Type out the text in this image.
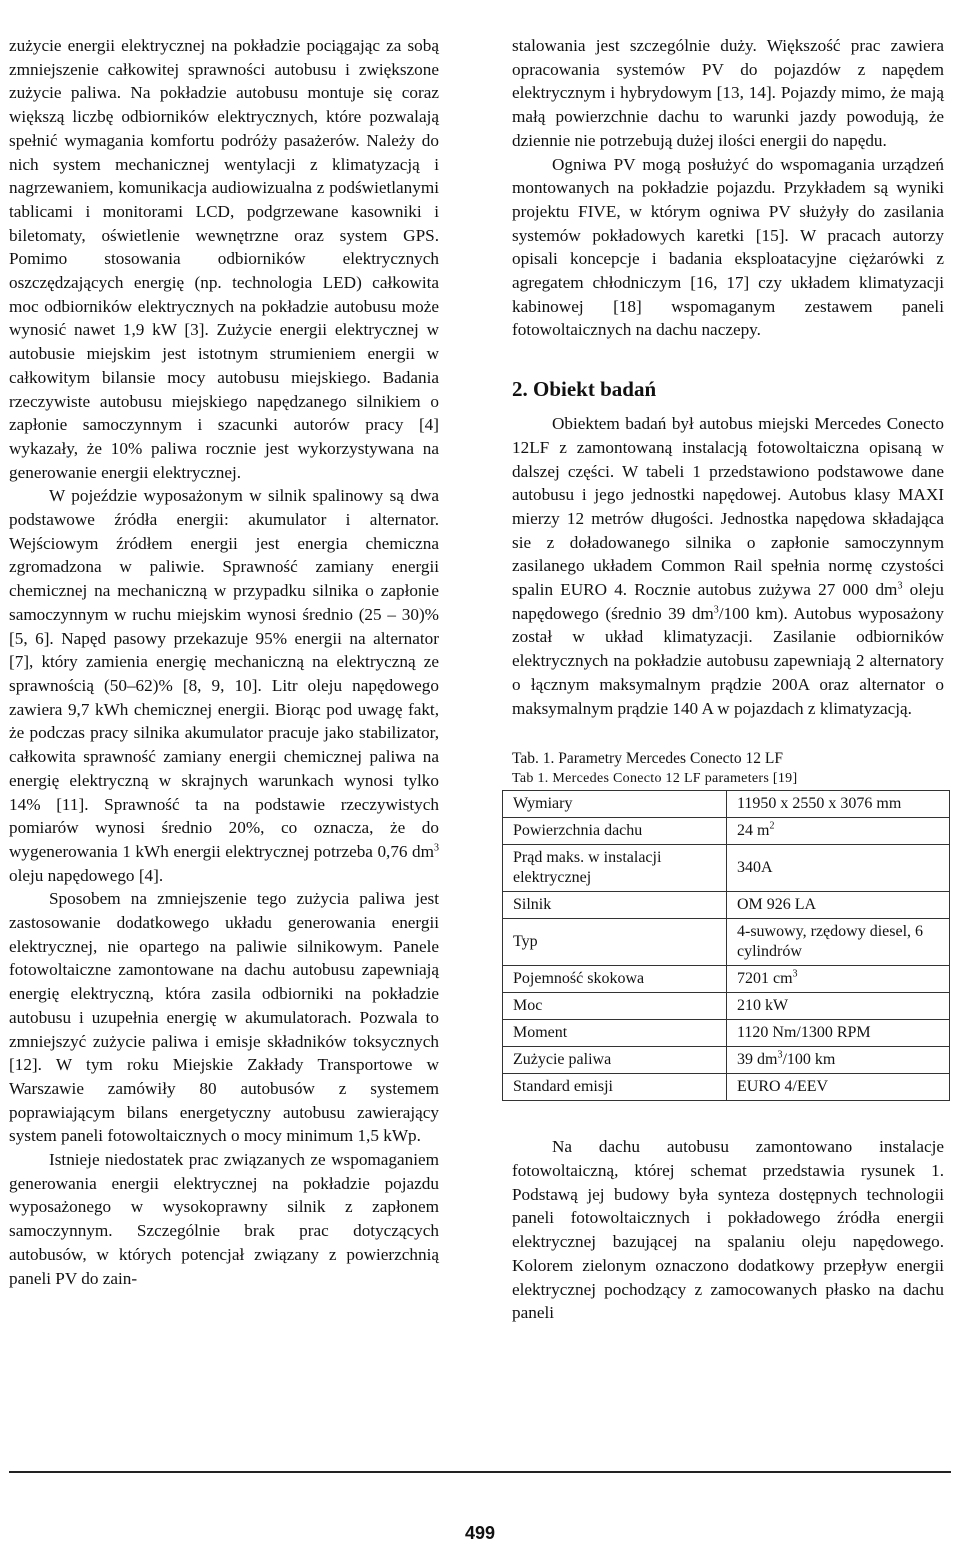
zużycie energii elektrycznej na pokładzie pociągając za sobą zmniejszenie całkowitej sprawności autobusu i zwiększone zużycie paliwa. Na pokładzie autobusu montuje się coraz większą liczbę odbiorników elektrycznych, które pozwalają spełnić wymagania komfortu podróży pasażerów. Należy do nich system mechanicznej wentylacji z klimatyzacją i nagrzewaniem, komunikacja audiowizualna z podświetlanymi tablicami i monitorami LCD, podgrzewane kasowniki i biletomaty, oświetlenie wewnętrzne oraz system GPS. Pomimo stosowania odbiorników elektrycznych oszczędzających energię (np. technologia LED) całkowita moc odbiorników elektrycznych na pokładzie autobusu może wynosić nawet 1,9 kW [3]. Zużycie energii elektrycznej w autobusie miejskim jest istotnym strumieniem energii w całkowitym bilansie mocy autobusu miejskiego. Badania rzeczywiste autobusu miejskiego napędzanego silnikiem o zapłonie samoczynnym i szacunki autorów pracy [4] wykazały, że 10% paliwa rocznie jest wykorzystywana na generowanie energii elektrycznej.

W pojeździe wyposażonym w silnik spalinowy są dwa podstawowe źródła energii: akumulator i alternator. Wejściowym źródłem energii jest energia chemiczna zgromadzona w paliwie. Sprawność zamiany energii chemicznej na mechaniczną w przypadku silnika o zapłonie samoczynnym w ruchu miejskim wynosi średnio (25 – 30)% [5, 6]. Napęd pasowy przekazuje 95% energii na alternator [7], który zamienia energię mechaniczną na elektryczną ze sprawnością (50–62)% [8, 9, 10]. Litr oleju napędowego zawiera 9,7 kWh chemicznej energii. Biorąc pod uwagę fakt, że podczas pracy silnika akumulator pracuje jako stabilizator, całkowita sprawność zamiany energii chemicznej paliwa na energię elektryczną w skrajnych warunkach wynosi tylko 14% [11]. Sprawność ta na podstawie rzeczywistych pomiarów wynosi średnio 20%, co oznacza, że do wygenerowania 1 kWh energii elektrycznej potrzeba 0,76 $dm^3$ oleju napędowego [4].

Sposobem na zmniejszenie tego zużycia paliwa jest zastosowanie dodatkowego układu generowania energii elektrycznej, nie opartego na paliwie silnikowym. Panele fotowoltaiczne zamontowane na dachu autobusu zapewniają energię elektryczną, która zasila odbiorniki na pokładzie autobusu i uzupełnia energię w akumulatorach. Pozwala to zmniejszyć zużycie paliwa i emisje składników toksycznych [12]. W tym roku Miejskie Zakłady Transportowe w Warszawie zamówiły 80 autobusów z systemem poprawiającym bilans energetyczny autobusu zawierający system paneli fotowoltaicznych o mocy minimum 1,5 kWp.

Istnieje niedostatek prac związanych ze wspomaganiem generowania energii elektrycznej na pokładzie pojazdu wyposażonego w wysokoprawny silnik z zapłonem samoczynnym. Szczególnie brak prac dotyczących autobusów, w których potencjał związany z powierzchnią paneli PV do zain-

stalowania jest szczególnie duży. Większość prac zawiera opracowania systemów PV do pojazdów z napędem elektrycznym i hybrydowym [13, 14]. Pojazdy mimo, że mają małą powierzchnie dachu to warunki jazdy powodują, że dziennie nie potrzebują dużej ilości energii do napędu.

Ogniwa PV mogą posłużyć do wspomagania urządzeń montowanych na pokładzie pojazdu. Przykładem są wyniki projektu FIVE, w którym ogniwa PV służyły do zasilania systemów pokładowych karetki [15]. W pracach autorzy opisali koncepcje i badania eksploatacyjne ciężarówki z agregatem chłodniczym [16, 17] czy układem klimatyzacji kabinowej [18] wspomaganym zestawem paneli fotowoltaicznych na dachu naczepy.

2. Obiekt badań

Obiektem badań był autobus miejski Mercedes Conecto 12LF z zamontowaną instalacją fotowoltaiczna opisaną w dalszej części. W tabeli 1 przedstawiono podstawowe dane autobusu i jego jednostki napędowej. Autobus klasy MAXI mierzy 12 metrów długości. Jednostka napędowa składająca sie z doładowanego silnika o zapłonie samoczynnym zasilanego układem Common Rail spełnia normę czystości spalin EURO 4. Rocznie autobus zużywa 27 000 $dm^3$ oleju napędowego (średnio 39 $dm^3/100$ km). Autobus wyposażony został w układ klimatyzacji. Zasilanie odbiorników elektrycznych na pokładzie autobusu zapewniają 2 alternatory o łącznym maksymalnym prądzie 200A oraz alternator o maksymalnym prądzie 140 A w pojazdach z klimatyzacją.

Tab. 1. Parametry Mercedes Conecto 12 LF

Tab 1. Mercedes Conecto 12 LF parameters [19]

Wymiary	11950 x 2550 x 3076 mm
Powierzchnia dachu	24 $m^2$
Prąd maks. w instalacji elektrycznej	340A
Silnik	OM 926 LA
Typ	4-suwowy, rzędowy diesel, 6 cylindrów
Pojemność skokowa	7201 $cm^3$
Moc	210 kW
Moment	1120 Nm/1300 RPM
Zużycie paliwa	39 $dm^3/100$ km
Standard emisji	EURO 4/EEV

Na dachu autobusu zamontowano instalacje fotowoltaiczną, której schemat przedstawia rysunek 1. Podstawą jej budowy była synteza dostępnych technologii paneli fotowoltaicznych i pokładowego źródła energii elektrycznej bazującej na spalaniu oleju napędowego. Kolorem zielonym oznaczono dodatkowy przepływ energii elektrycznej pochodzący z zamocowanych płasko na dachu paneli

499
